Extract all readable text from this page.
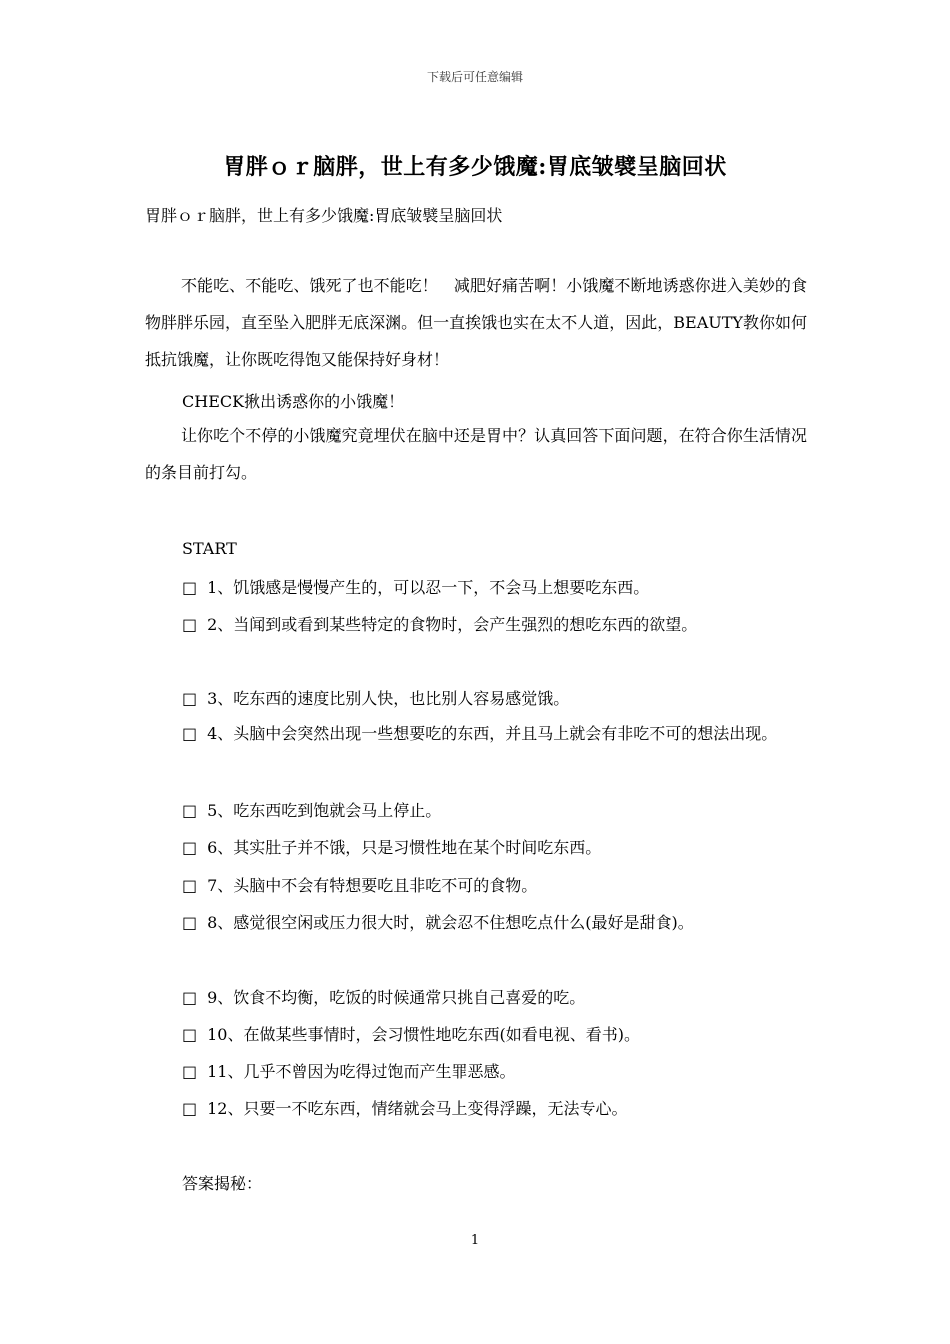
下载后可任意编辑
胃胖ｏｒ脑胖，世上有多少饿魔:胃底皱襞呈脑回状
胃胖ｏｒ脑胖，世上有多少饿魔:胃底皱襞呈脑回状

不能吃、不能吃、饿死了也不能吃！　减肥好痛苦啊！小饿魔不断地诱惑你进入美妙的食物胖胖乐园，直至坠入肥胖无底深渊。但一直挨饿也实在太不人道，因此，BEAUTY教你如何抵抗饿魔，让你既吃得饱又能保持好身材！

CHECK揪出诱惑你的小饿魔！

让你吃个不停的小饿魔究竟埋伏在脑中还是胃中？认真回答下面问题，在符合你生活情况的条目前打勾。

START
□ 1、饥饿感是慢慢产生的，可以忍一下，不会马上想要吃东西。
□ 2、当闻到或看到某些特定的食物时，会产生强烈的想吃东西的欲望。
□ 3、吃东西的速度比别人快，也比别人容易感觉饿。
□ 4、头脑中会突然出现一些想要吃的东西，并且马上就会有非吃不可的想法出现。
□ 5、吃东西吃到饱就会马上停止。
□ 6、其实肚子并不饿，只是习惯性地在某个时间吃东西。
□ 7、头脑中不会有特想要吃且非吃不可的食物。
□ 8、感觉很空闲或压力很大时，就会忍不住想吃点什么(最好是甜食)。
□ 9、饮食不均衡，吃饭的时候通常只挑自己喜爱的吃。
□ 10、在做某些事情时，会习惯性地吃东西(如看电视、看书)。
□ 11、几乎不曾因为吃得过饱而产生罪恶感。
□ 12、只要一不吃东西，情绪就会马上变得浮躁，无法专心。
答案揭秘：
1
